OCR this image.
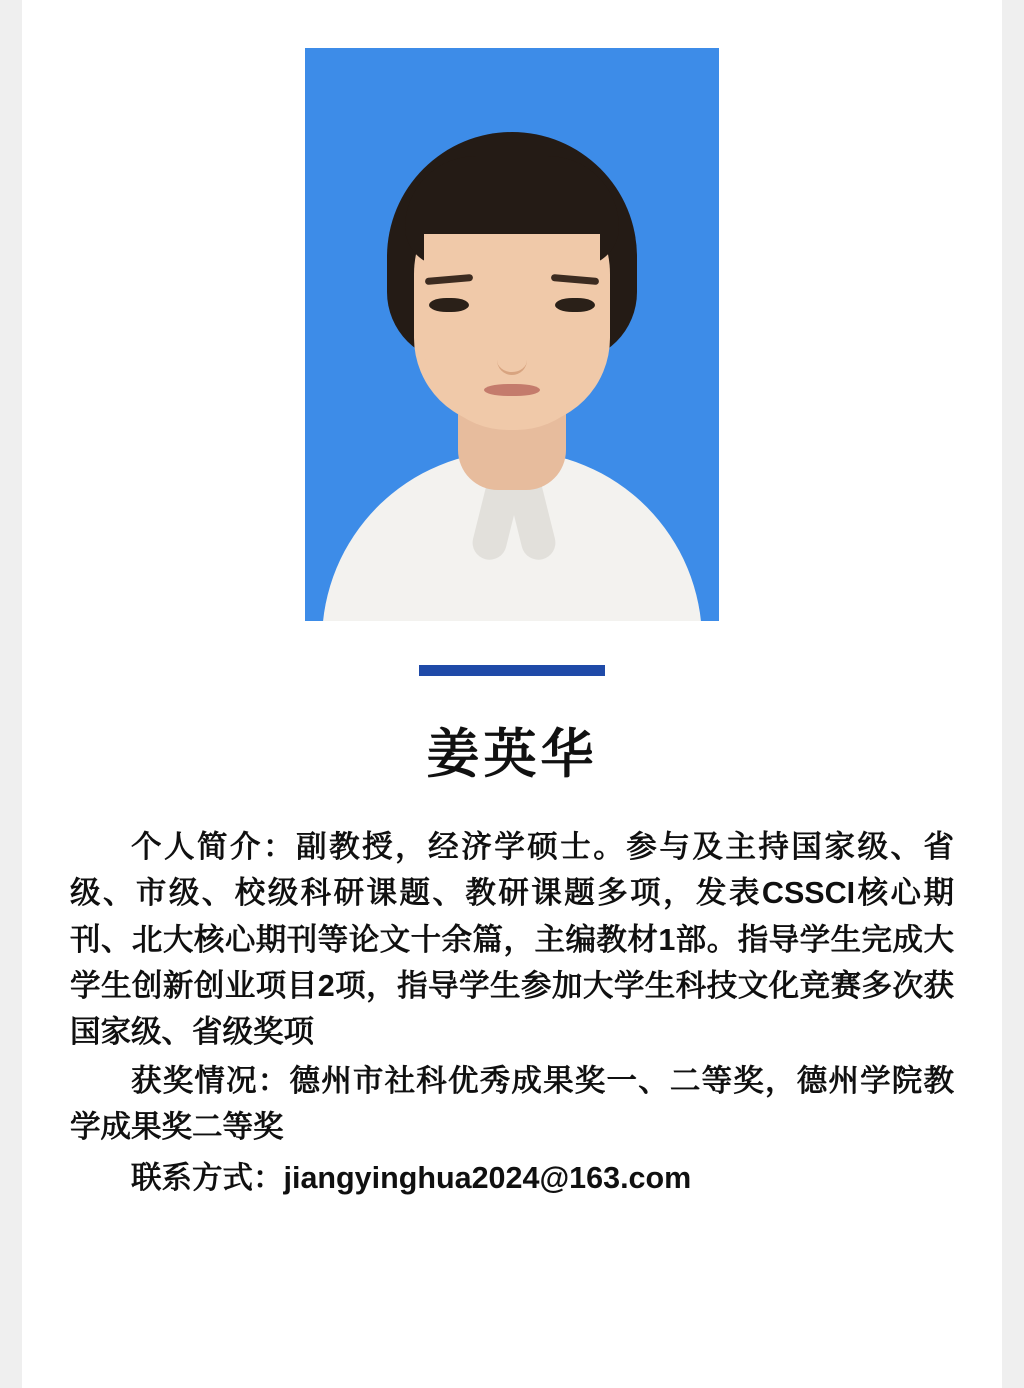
姜英华

个人简介：副教授，经济学硕士。参与及主持国家级、省级、市级、校级科研课题、教研课题多项，发表CSSCI核心期刊、北大核心期刊等论文十余篇，主编教材1部。指导学生完成大学生创新创业项目2项，指导学生参加大学生科技文化竞赛多次获国家级、省级奖项

获奖情况：德州市社科优秀成果奖一、二等奖，德州学院教学成果奖二等奖

联系方式：jiangyinghua2024@163.com
